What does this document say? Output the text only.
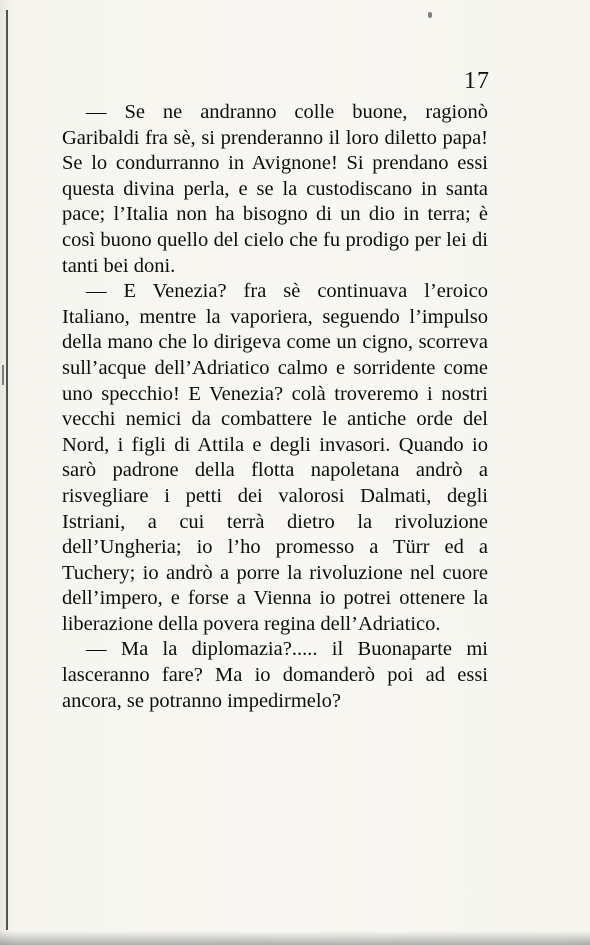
17

— Se ne andranno colle buone, ragionò Garibaldi fra sè, si prenderanno il loro diletto papa! Se lo condurranno in Avignone! Si prendano essi questa divina perla, e se la custodiscano in santa pace; l’Italia non ha bisogno di un dio in terra; è così buono quello del cielo che fu prodigo per lei di tanti bei doni.

— E Venezia? fra sè continuava l’eroico Italiano, mentre la vaporiera, seguendo l’impulso della mano che lo dirigeva come un cigno, scorreva sull’acque dell’Adriatico calmo e sorridente come uno specchio! E Venezia? colà troveremo i nostri vecchi nemici da combattere le antiche orde del Nord, i figli di Attila e degli invasori. Quando io sarò padrone della flotta napoletana andrò a risvegliare i petti dei valorosi Dalmati, degli Istriani, a cui terrà dietro la rivoluzione dell’Ungheria; io l’ho promesso a Türr ed a Tuchery; io andrò a porre la rivoluzione nel cuore dell’impero, e forse a Vienna io potrei ottenere la liberazione della povera regina dell’Adriatico.

— Ma la diplomazia?..... il Buonaparte mi lasceranno fare? Ma io domanderò poi ad essi ancora, se potranno impedirmelo?
